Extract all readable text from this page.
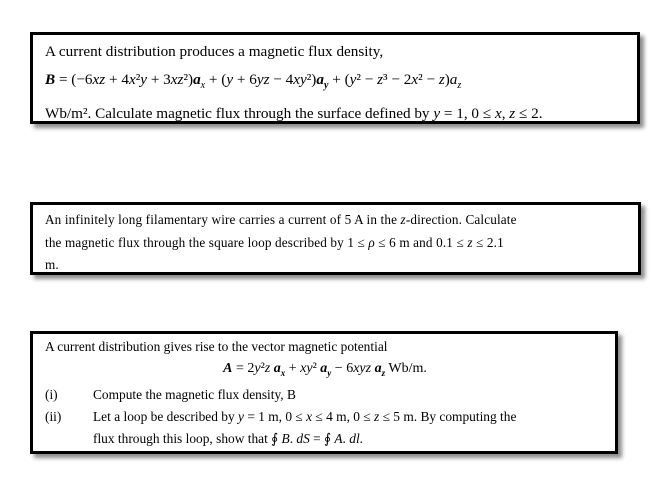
A current distribution produces a magnetic flux density,
$B = (-6xz + 4x^2y + 3xz^2)a_x + (y + 6yz - 4xy^2)a_y + (y^2 - z^3 - 2x^2 - z)a_z$
Wb/m². Calculate magnetic flux through the surface defined by y = 1, 0 ≤ x, z ≤ 2.
An infinitely long filamentary wire carries a current of 5 A in the z-direction. Calculate
the magnetic flux through the square loop described by 1 ≤ ρ ≤ 6 m and 0.1 ≤ z ≤ 2.1
m.
A current distribution gives rise to the vector magnetic potential
A = 2y²z $a_x + xy^2$ $a_y - 6xyz$ $a_z$ Wb/m.
(i)	Compute the magnetic flux density, B
(ii)	Let a loop be described by y = 1 m, 0 ≤ x ≤ 4 m, 0 ≤ z ≤ 5 m. By computing the
flux through this loop, show that ∮ B. dS = ∮ A. dl.
